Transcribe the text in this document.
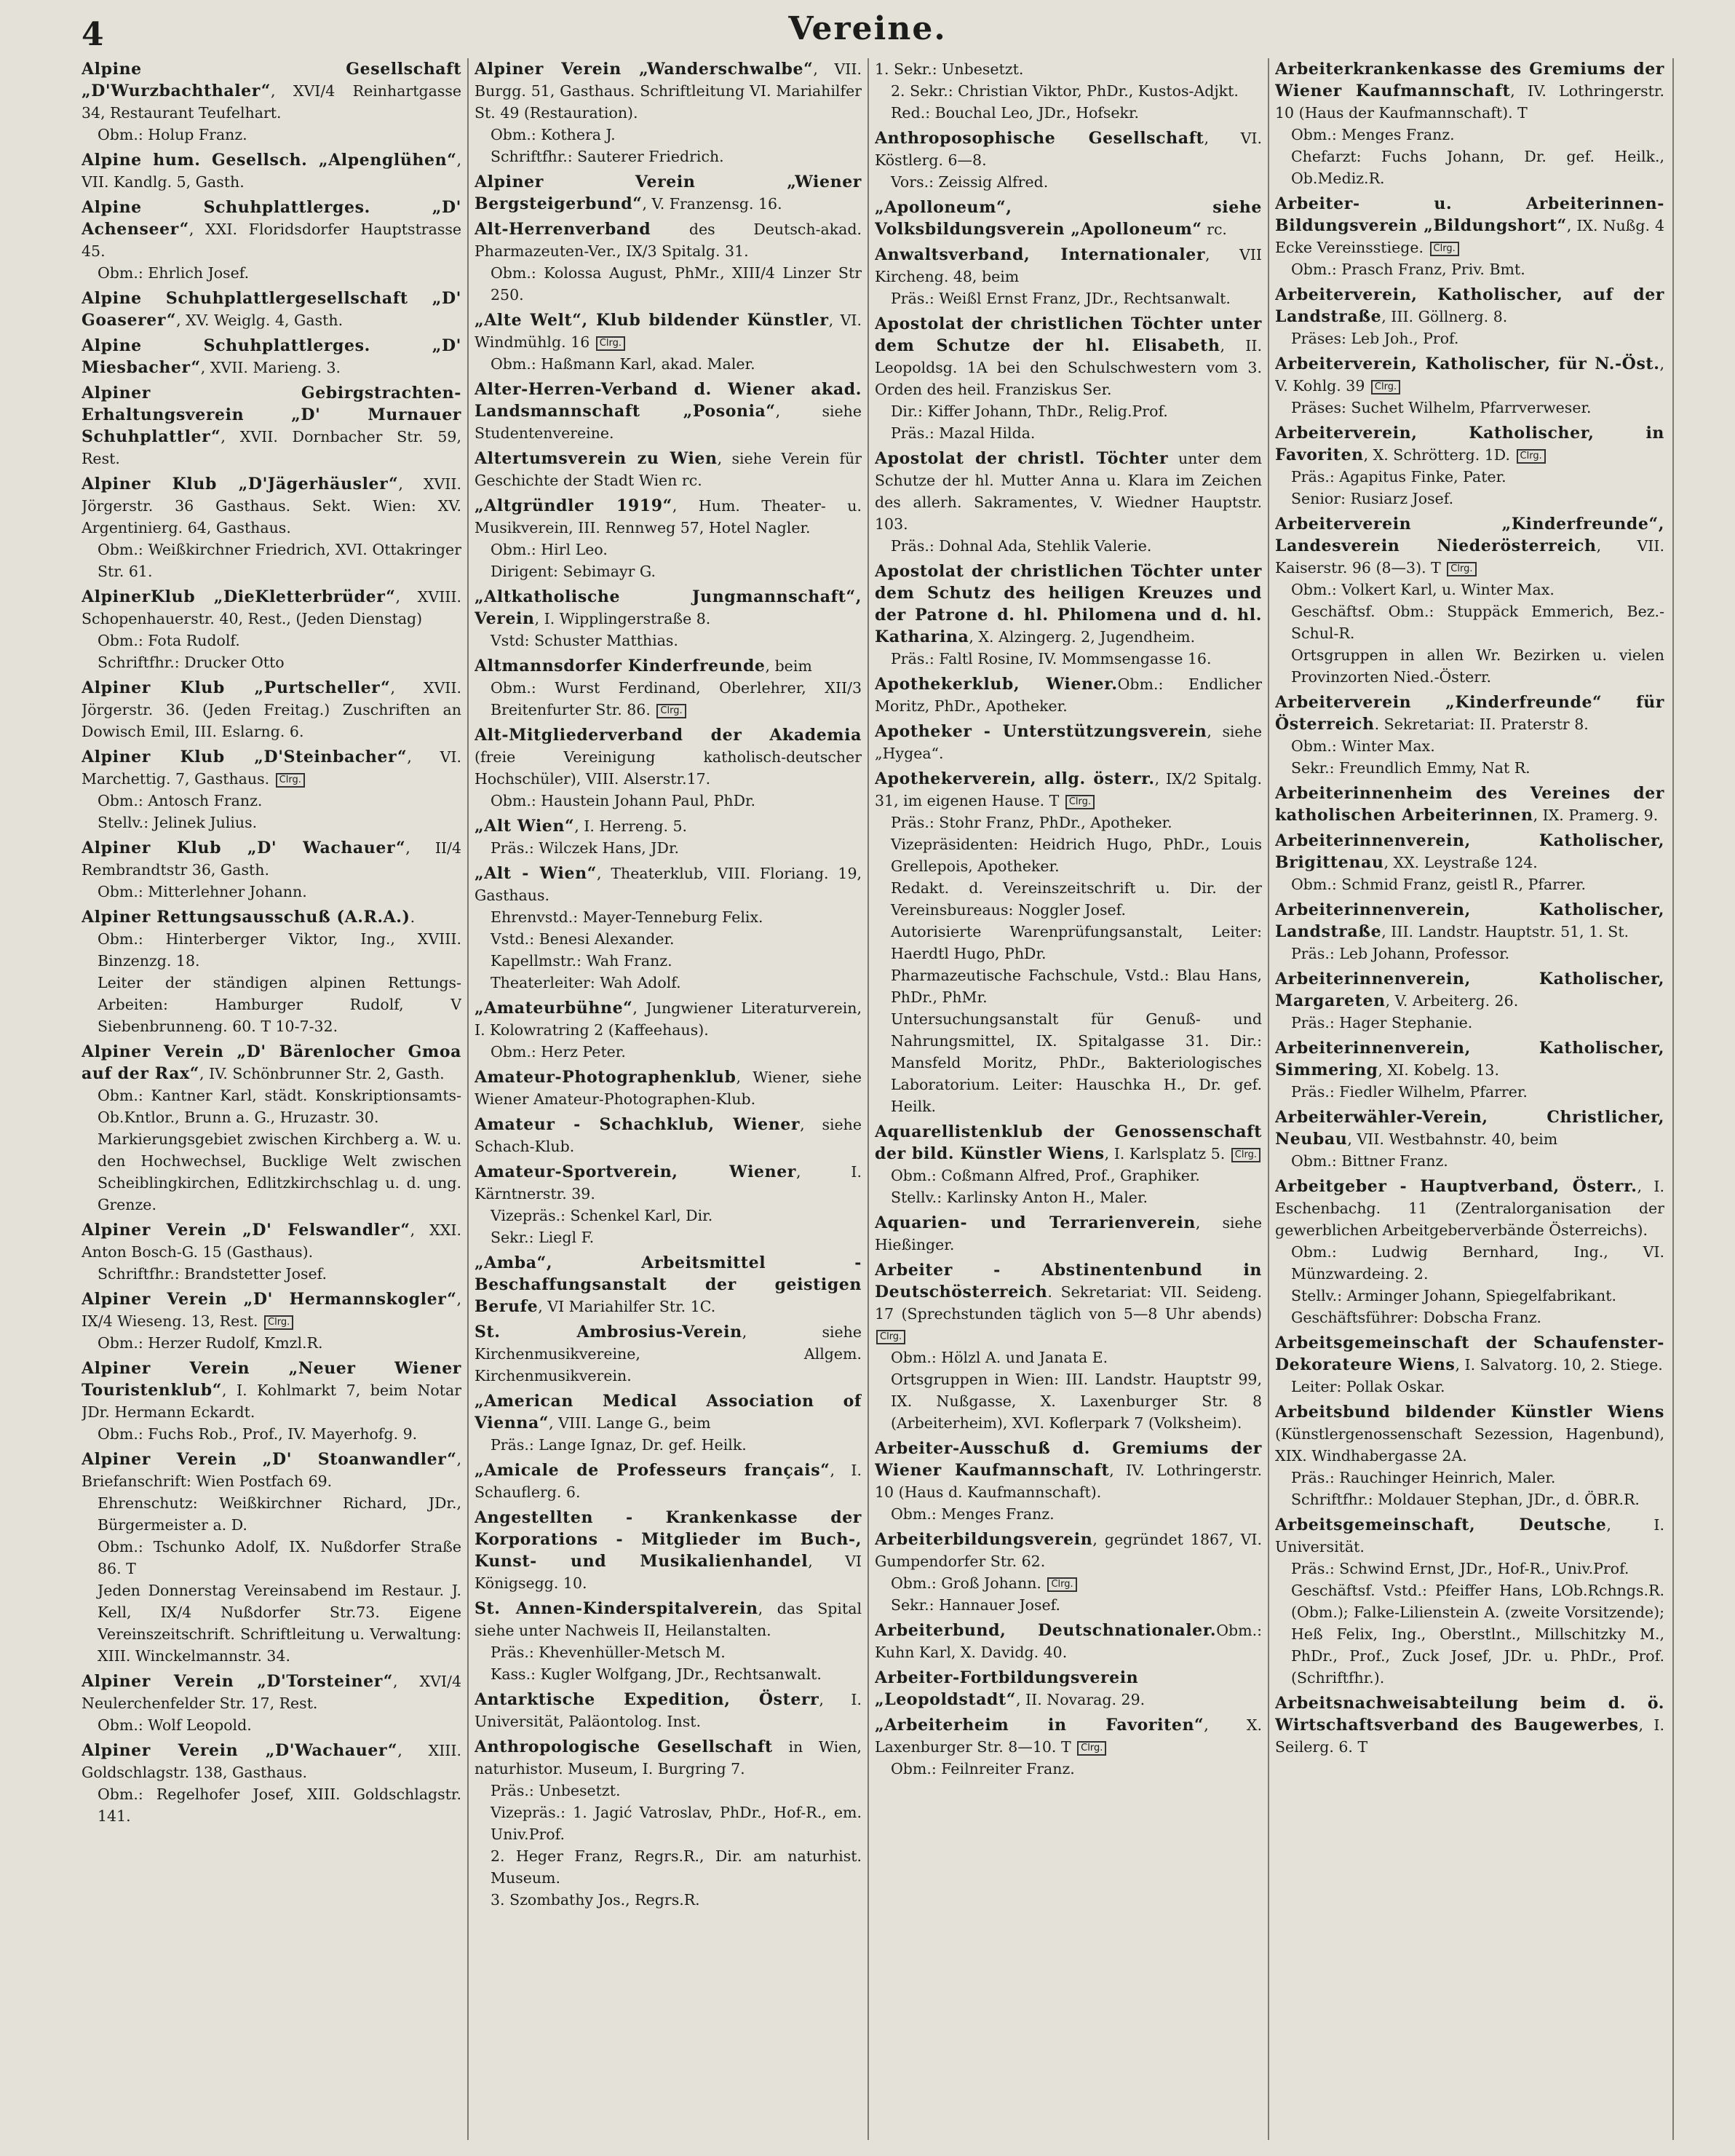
4	Vereine.

Alpine Gesellschaft „D'Wurzbachthaler“, XVI/4 Reinhartgasse 34, Restaurant Teufelhart.

Obm.: Holup Franz.

Alpine hum. Gesellsch. „Alpenglühen“, VII. Kandlg. 5, Gasth.

Alpine Schuhplattlerges. „D' Achenseer“, XXI. Floridsdorfer Hauptstrasse 45.

Obm.: Ehrlich Josef.

Alpine Schuhplattlergesellschaft „D' Goaserer“, XV. Weiglg. 4, Gasth.

Alpine Schuhplattlerges. „D' Miesbacher“, XVII. Marieng. 3.

Alpiner Gebirgstrachten-Erhaltungsverein „D' Murnauer Schuhplattler“, XVII. Dornbacher Str. 59, Rest.

Alpiner Klub „D'Jägerhäusler“, XVII. Jörgerstr. 36 Gasthaus. Sekt. Wien: XV. Argentinierg. 64, Gasthaus.

Obm.: Weißkirchner Friedrich, XVI. Ottakringer Str. 61.

AlpinerKlub „DieKletterbrüder“, XVIII. Schopenhauerstr. 40, Rest., (Jeden Dienstag)

Obm.: Fota Rudolf.

Schriftfhr.: Drucker Otto

Alpiner Klub „Purtscheller“, XVII. Jörgerstr. 36. (Jeden Freitag.) Zuschriften an Dowisch Emil, III. Eslarng. 6.

Alpiner Klub „D'Steinbacher“, VI. Marchettig. 7, Gasthaus. Clrg.

Obm.: Antosch Franz.

Stellv.: Jelinek Julius.

Alpiner Klub „D' Wachauer“, II/4 Rembrandtstr 36, Gasth.

Obm.: Mitterlehner Johann.

Alpiner Rettungsausschuß (A.R.A.).

Obm.: Hinterberger Viktor, Ing., XVIII. Binzenzg. 18.

Leiter der ständigen alpinen Rettungs-Arbeiten: Hamburger Rudolf, V Siebenbrunneng. 60. T 10-7-32.

Alpiner Verein „D' Bärenlocher Gmoa auf der Rax“, IV. Schönbrunner Str. 2, Gasth.

Obm.: Kantner Karl, städt. Konskriptionsamts-Ob.Kntlor., Brunn a. G., Hruzastr. 30.

Markierungsgebiet zwischen Kirchberg a. W. u. den Hochwechsel, Bucklige Welt zwischen Scheiblingkirchen, Edlitzkirchschlag u. d. ung. Grenze.

Alpiner Verein „D' Felswandler“, XXI. Anton Bosch-G. 15 (Gasthaus).

Schriftfhr.: Brandstetter Josef.

Alpiner Verein „D' Hermannskogler“, IX/4 Wieseng. 13, Rest. Clrg.

Obm.: Herzer Rudolf, Kmzl.R.

Alpiner Verein „Neuer Wiener Touristenklub“, I. Kohlmarkt 7, beim Notar JDr. Hermann Eckardt.

Obm.: Fuchs Rob., Prof., IV. Mayerhofg. 9.

Alpiner Verein „D' Stoanwandler“, Briefanschrift: Wien Postfach 69.

Ehrenschutz: Weißkirchner Richard, JDr., Bürgermeister a. D.

Obm.: Tschunko Adolf, IX. Nußdorfer Straße 86. T

Jeden Donnerstag Vereinsabend im Restaur. J. Kell, IX/4 Nußdorfer Str.73. Eigene Vereinszeitschrift. Schriftleitung u. Verwaltung: XIII. Winckelmannstr. 34.

Alpiner Verein „D'Torsteiner“, XVI/4 Neulerchenfelder Str. 17, Rest.

Obm.: Wolf Leopold.

Alpiner Verein „D'Wachauer“, XIII. Goldschlagstr. 138, Gasthaus.

Obm.: Regelhofer Josef, XIII. Goldschlagstr. 141.

Alpiner Verein „Wanderschwalbe“, VII. Burgg. 51, Gasthaus. Schriftleitung VI. Mariahilfer St. 49 (Restauration).

Obm.: Kothera J.

Schriftfhr.: Sauterer Friedrich.

Alpiner Verein „Wiener Bergsteigerbund“, V. Franzensg. 16.

Alt-Herrenverband des Deutsch-akad. Pharmazeuten-Ver., IX/3 Spitalg. 31.

Obm.: Kolossa August, PhMr., XIII/4 Linzer Str 250.

„Alte Welt“, Klub bildender Künstler, VI. Windmühlg. 16 Clrg.

Obm.: Haßmann Karl, akad. Maler.

Alter-Herren-Verband d. Wiener akad. Landsmannschaft „Posonia“, siehe Studentenvereine.

Altertumsverein zu Wien, siehe Verein für Geschichte der Stadt Wien rc.

„Altgründler 1919“, Hum. Theater- u. Musikverein, III. Rennweg 57, Hotel Nagler.

Obm.: Hirl Leo.

Dirigent: Sebimayr G.

„Altkatholische Jungmannschaft“, Verein, I. Wipplingerstraße 8.

Vstd: Schuster Matthias.

Altmannsdorfer Kinderfreunde, beim

Obm.: Wurst Ferdinand, Oberlehrer, XII/3 Breitenfurter Str. 86. Clrg.

Alt-Mitgliederverband der Akademia (freie Vereinigung katholisch-deutscher Hochschüler), VIII. Alserstr.17.

Obm.: Haustein Johann Paul, PhDr.

„Alt Wien“, I. Herreng. 5.

Präs.: Wilczek Hans, JDr.

„Alt - Wien“, Theaterklub, VIII. Floriang. 19, Gasthaus.

Ehrenvstd.: Mayer-Tenneburg Felix.

Vstd.: Benesi Alexander.

Kapellmstr.: Wah Franz.

Theaterleiter: Wah Adolf.

„Amateurbühne“, Jungwiener Literaturverein, I. Kolowratring 2 (Kaffeehaus).

Obm.: Herz Peter.

Amateur-Photographenklub, Wiener, siehe Wiener Amateur-Photographen-Klub.

Amateur - Schachklub, Wiener, siehe Schach-Klub.

Amateur-Sportverein, Wiener, I. Kärntnerstr. 39.

Vizepräs.: Schenkel Karl, Dir.

Sekr.: Liegl F.

„Amba“, Arbeitsmittel - Beschaffungsanstalt der geistigen Berufe, VI Mariahilfer Str. 1C.

St. Ambrosius-Verein, siehe Kirchenmusikvereine, Allgem. Kirchenmusikverein.

„American Medical Association of Vienna“, VIII. Lange G., beim

Präs.: Lange Ignaz, Dr. gef. Heilk.

„Amicale de Professeurs français“, I. Schauflerg. 6.

Angestellten - Krankenkasse der Korporations - Mitglieder im Buch-, Kunst- und Musikalienhandel, VI Königsegg. 10.

St. Annen-Kinderspitalverein, das Spital siehe unter Nachweis II, Heilanstalten.

Präs.: Khevenhüller-Metsch M.

Kass.: Kugler Wolfgang, JDr., Rechtsanwalt.

Antarktische Expedition, Österr, I. Universität, Paläontolog. Inst.

Anthropologische Gesellschaft in Wien, naturhistor. Museum, I. Burgring 7.

Präs.: Unbesetzt.

Vizepräs.: 1. Jagić Vatroslav, PhDr., Hof-R., em. Univ.Prof.

2. Heger Franz, Regrs.R., Dir. am naturhist. Museum.

3. Szombathy Jos., Regrs.R.

1. Sekr.: Unbesetzt.

2. Sekr.: Christian Viktor, PhDr., Kustos-Adjkt.

Red.: Bouchal Leo, JDr., Hofsekr.

Anthroposophische Gesellschaft, VI. Köstlerg. 6—8.

Vors.: Zeissig Alfred.

„Apolloneum“, siehe Volksbildungsverein „Apolloneum“ rc.

Anwaltsverband, Internationaler, VII Kircheng. 48, beim

Präs.: Weißl Ernst Franz, JDr., Rechtsanwalt.

Apostolat der christlichen Töchter unter dem Schutze der hl. Elisabeth, II. Leopoldsg. 1A bei den Schulschwestern vom 3. Orden des heil. Franziskus Ser.

Dir.: Kiffer Johann, ThDr., Relig.Prof.

Präs.: Mazal Hilda.

Apostolat der christl. Töchter unter dem Schutze der hl. Mutter Anna u. Klara im Zeichen des allerh. Sakramentes, V. Wiedner Hauptstr. 103.

Präs.: Dohnal Ada, Stehlik Valerie.

Apostolat der christlichen Töchter unter dem Schutz des heiligen Kreuzes und der Patrone d. hl. Philomena und d. hl. Katharina, X. Alzingerg. 2, Jugendheim.

Präs.: Faltl Rosine, IV. Mommsengasse 16.

Apothekerklub, Wiener.Obm.: Endlicher Moritz, PhDr., Apotheker.

Apotheker - Unterstützungsverein, siehe „Hygea“.

Apothekerverein, allg. österr., IX/2 Spitalg. 31, im eigenen Hause. T Clrg.

Präs.: Stohr Franz, PhDr., Apotheker.

Vizepräsidenten: Heidrich Hugo, PhDr., Louis Grellepois, Apotheker.

Redakt. d. Vereinszeitschrift u. Dir. der Vereinsbureaus: Noggler Josef.

Autorisierte Warenprüfungsanstalt, Leiter: Haerdtl Hugo, PhDr.

Pharmazeutische Fachschule, Vstd.: Blau Hans, PhDr., PhMr.

Untersuchungsanstalt für Genuß- und Nahrungsmittel, IX. Spitalgasse 31. Dir.: Mansfeld Moritz, PhDr., Bakteriologisches Laboratorium. Leiter: Hauschka H., Dr. gef. Heilk.

Aquarellistenklub der Genossenschaft der bild. Künstler Wiens, I. Karlsplatz 5. Clrg.

Obm.: Coßmann Alfred, Prof., Graphiker.

Stellv.: Karlinsky Anton H., Maler.

Aquarien- und Terrarienverein, siehe Hießinger.

Arbeiter - Abstinentenbund in Deutschösterreich. Sekretariat: VII. Seideng. 17 (Sprechstunden täglich von 5—8 Uhr abends) Clrg.

Obm.: Hölzl A. und Janata E.

Ortsgruppen in Wien: III. Landstr. Hauptstr 99, IX. Nußgasse, X. Laxenburger Str. 8 (Arbeiterheim), XVI. Koflerpark 7 (Volksheim).

Arbeiter-Ausschuß d. Gremiums der Wiener Kaufmannschaft, IV. Lothringerstr. 10 (Haus d. Kaufmannschaft).

Obm.: Menges Franz.

Arbeiterbildungsverein, gegründet 1867, VI. Gumpendorfer Str. 62.

Obm.: Groß Johann. Clrg.

Sekr.: Hannauer Josef.

Arbeiterbund, Deutschnationaler.Obm.: Kuhn Karl, X. Davidg. 40.

Arbeiter-Fortbildungsverein „Leopoldstadt“, II. Novarag. 29.

„Arbeiterheim in Favoriten“, X. Laxenburger Str. 8—10. T Clrg.

Obm.: Feilnreiter Franz.

Arbeiterkrankenkasse des Gremiums der Wiener Kaufmannschaft, IV. Lothringerstr. 10 (Haus der Kaufmannschaft). T

Obm.: Menges Franz.

Chefarzt: Fuchs Johann, Dr. gef. Heilk., Ob.Mediz.R.

Arbeiter- u. Arbeiterinnen-Bildungsverein „Bildungshort“, IX. Nußg. 4 Ecke Vereinsstiege. Clrg.

Obm.: Prasch Franz, Priv. Bmt.

Arbeiterverein, Katholischer, auf der Landstraße, III. Göllnerg. 8.

Präses: Leb Joh., Prof.

Arbeiterverein, Katholischer, für N.-Öst., V. Kohlg. 39 Clrg.

Präses: Suchet Wilhelm, Pfarrverweser.

Arbeiterverein, Katholischer, in Favoriten, X. Schrötterg. 1D. Clrg.

Präs.: Agapitus Finke, Pater.

Senior: Rusiarz Josef.

Arbeiterverein „Kinderfreunde“, Landesverein Niederösterreich, VII. Kaiserstr. 96 (8—3). T Clrg.

Obm.: Volkert Karl, u. Winter Max.

Geschäftsf. Obm.: Stuppäck Emmerich, Bez.-Schul-R.

Ortsgruppen in allen Wr. Bezirken u. vielen Provinzorten Nied.-Österr.

Arbeiterverein „Kinderfreunde“ für Österreich. Sekretariat: II. Praterstr 8.

Obm.: Winter Max.

Sekr.: Freundlich Emmy, Nat R.

Arbeiterinnenheim des Vereines der katholischen Arbeiterinnen, IX. Pramerg. 9.

Arbeiterinnenverein, Katholischer, Brigittenau, XX. Leystraße 124.

Obm.: Schmid Franz, geistl R., Pfarrer.

Arbeiterinnenverein, Katholischer, Landstraße, III. Landstr. Hauptstr. 51, 1. St.

Präs.: Leb Johann, Professor.

Arbeiterinnenverein, Katholischer, Margareten, V. Arbeiterg. 26.

Präs.: Hager Stephanie.

Arbeiterinnenverein, Katholischer, Simmering, XI. Kobelg. 13.

Präs.: Fiedler Wilhelm, Pfarrer.

Arbeiterwähler-Verein, Christlicher, Neubau, VII. Westbahnstr. 40, beim

Obm.: Bittner Franz.

Arbeitgeber - Hauptverband, Österr., I. Eschenbachg. 11 (Zentralorganisation der gewerblichen Arbeitgeberverbände Österreichs).

Obm.: Ludwig Bernhard, Ing., VI. Münzwardeing. 2.

Stellv.: Arminger Johann, Spiegelfabrikant.

Geschäftsführer: Dobscha Franz.

Arbeitsgemeinschaft der Schaufenster-Dekorateure Wiens, I. Salvatorg. 10, 2. Stiege.

Leiter: Pollak Oskar.

Arbeitsbund bildender Künstler Wiens (Künstlergenossenschaft Sezession, Hagenbund), XIX. Windhabergasse 2A.

Präs.: Rauchinger Heinrich, Maler.

Schriftfhr.: Moldauer Stephan, JDr., d. ÖBR.R.

Arbeitsgemeinschaft, Deutsche, I. Universität.

Präs.: Schwind Ernst, JDr., Hof-R., Univ.Prof.

Geschäftsf. Vstd.: Pfeiffer Hans, LOb.Rchngs.R. (Obm.); Falke-Lilienstein A. (zweite Vorsitzende); Heß Felix, Ing., Oberstlnt., Millschitzky M., PhDr., Prof., Zuck Josef, JDr. u. PhDr., Prof. (Schriftfhr.).

Arbeitsnachweisabteilung beim d. ö. Wirtschaftsverband des Baugewerbes, I. Seilerg. 6. T
